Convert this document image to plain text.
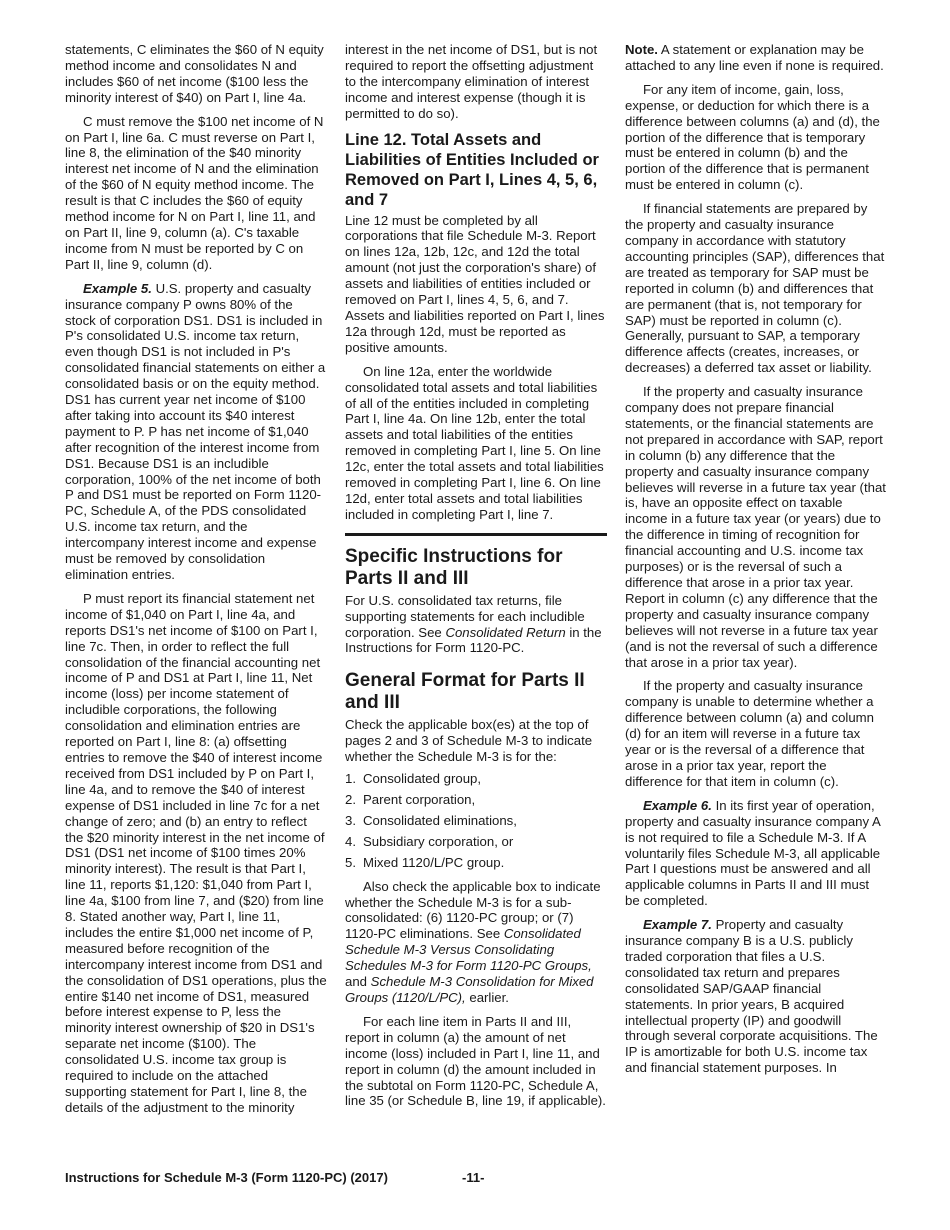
statements, C eliminates the $60 of N equity method income and consolidates N and includes $60 of net income ($100 less the minority interest of $40) on Part I, line 4a.

C must remove the $100 net income of N on Part I, line 6a. C must reverse on Part I, line 8, the elimination of the $40 minority interest net income of N and the elimination of the $60 of N equity method income. The result is that C includes the $60 of equity method income for N on Part I, line 11, and on Part II, line 9, column (a). C's taxable income from N must be reported by C on Part II, line 9, column (d).

Example 5. U.S. property and casualty insurance company P owns 80% of the stock of corporation DS1. DS1 is included in P's consolidated U.S. income tax return, even though DS1 is not included in P's consolidated financial statements on either a consolidated basis or on the equity method. DS1 has current year net income of $100 after taking into account its $40 interest payment to P. P has net income of $1,040 after recognition of the interest income from DS1. Because DS1 is an includible corporation, 100% of the net income of both P and DS1 must be reported on Form 1120-PC, Schedule A, of the PDS consolidated U.S. income tax return, and the intercompany interest income and expense must be removed by consolidation elimination entries.

P must report its financial statement net income of $1,040 on Part I, line 4a, and reports DS1's net income of $100 on Part I, line 7c. Then, in order to reflect the full consolidation of the financial accounting net income of P and DS1 at Part I, line 11, Net income (loss) per income statement of includible corporations, the following consolidation and elimination entries are reported on Part I, line 8: (a) offsetting entries to remove the $40 of interest income received from DS1 included by P on Part I, line 4a, and to remove the $40 of interest expense of DS1 included in line 7c for a net change of zero; and (b) an entry to reflect the $20 minority interest in the net income of DS1 (DS1 net income of $100 times 20% minority interest). The result is that Part I, line 11, reports $1,120: $1,040 from Part I, line 4a, $100 from line 7, and ($20) from line 8. Stated another way, Part I, line 11, includes the entire $1,000 net income of P, measured before recognition of the intercompany interest income from DS1 and the consolidation of DS1 operations, plus the entire $140 net income of DS1, measured before interest expense to P, less the minority interest ownership of $20 in DS1's separate net income ($100). The consolidated U.S. income tax group is required to include on the attached supporting statement for Part I, line 8, the details of the adjustment to the minority

interest in the net income of DS1, but is not required to report the offsetting adjustment to the intercompany elimination of interest income and interest expense (though it is permitted to do so).

Line 12. Total Assets and Liabilities of Entities Included or Removed on Part I, Lines 4, 5, 6, and 7

Line 12 must be completed by all corporations that file Schedule M-3. Report on lines 12a, 12b, 12c, and 12d the total amount (not just the corporation's share) of assets and liabilities of entities included or removed on Part I, lines 4, 5, 6, and 7. Assets and liabilities reported on Part I, lines 12a through 12d, must be reported as positive amounts.

On line 12a, enter the worldwide consolidated total assets and total liabilities of all of the entities included in completing Part I, line 4a. On line 12b, enter the total assets and total liabilities of the entities removed in completing Part I, line 5. On line 12c, enter the total assets and total liabilities removed in completing Part I, line 6. On line 12d, enter total assets and total liabilities included in completing Part I, line 7.

Specific Instructions for Parts II and III

For U.S. consolidated tax returns, file supporting statements for each includible corporation. See Consolidated Return in the Instructions for Form 1120-PC.

General Format for Parts II and III

Check the applicable box(es) at the top of pages 2 and 3 of Schedule M-3 to indicate whether the Schedule M-3 is for the:

1. Consolidated group,
2. Parent corporation,
3. Consolidated eliminations,
4. Subsidiary corporation, or
5. Mixed 1120/L/PC group.

Also check the applicable box to indicate whether the Schedule M-3 is for a sub-consolidated: (6) 1120-PC group; or (7) 1120-PC eliminations. See Consolidated Schedule M-3 Versus Consolidating Schedules M-3 for Form 1120-PC Groups, and Schedule M-3 Consolidation for Mixed Groups (1120/L/PC), earlier.

For each line item in Parts II and III, report in column (a) the amount of net income (loss) included in Part I, line 11, and report in column (d) the amount included in the subtotal on Form 1120-PC, Schedule A, line 35 (or Schedule B, line 19, if applicable).

Note. A statement or explanation may be attached to any line even if none is required.

For any item of income, gain, loss, expense, or deduction for which there is a difference between columns (a) and (d), the portion of the difference that is temporary must be entered in column (b) and the portion of the difference that is permanent must be entered in column (c).

If financial statements are prepared by the property and casualty insurance company in accordance with statutory accounting principles (SAP), differences that are treated as temporary for SAP must be reported in column (b) and differences that are permanent (that is, not temporary for SAP) must be reported in column (c). Generally, pursuant to SAP, a temporary difference affects (creates, increases, or decreases) a deferred tax asset or liability.

If the property and casualty insurance company does not prepare financial statements, or the financial statements are not prepared in accordance with SAP, report in column (b) any difference that the property and casualty insurance company believes will reverse in a future tax year (that is, have an opposite effect on taxable income in a future tax year (or years) due to the difference in timing of recognition for financial accounting and U.S. income tax purposes) or is the reversal of such a difference that arose in a prior tax year. Report in column (c) any difference that the property and casualty insurance company believes will not reverse in a future tax year (and is not the reversal of such a difference that arose in a prior tax year).

If the property and casualty insurance company is unable to determine whether a difference between column (a) and column (d) for an item will reverse in a future tax year or is the reversal of a difference that arose in a prior tax year, report the difference for that item in column (c).

Example 6. In its first year of operation, property and casualty insurance company A is not required to file a Schedule M-3. If A voluntarily files Schedule M-3, all applicable Part I questions must be answered and all applicable columns in Parts II and III must be completed.

Example 7. Property and casualty insurance company B is a U.S. publicly traded corporation that files a U.S. consolidated tax return and prepares consolidated SAP/GAAP financial statements. In prior years, B acquired intellectual property (IP) and goodwill through several corporate acquisitions. The IP is amortizable for both U.S. income tax and financial statement purposes. In

Instructions for Schedule M-3 (Form 1120-PC) (2017)	-11-
